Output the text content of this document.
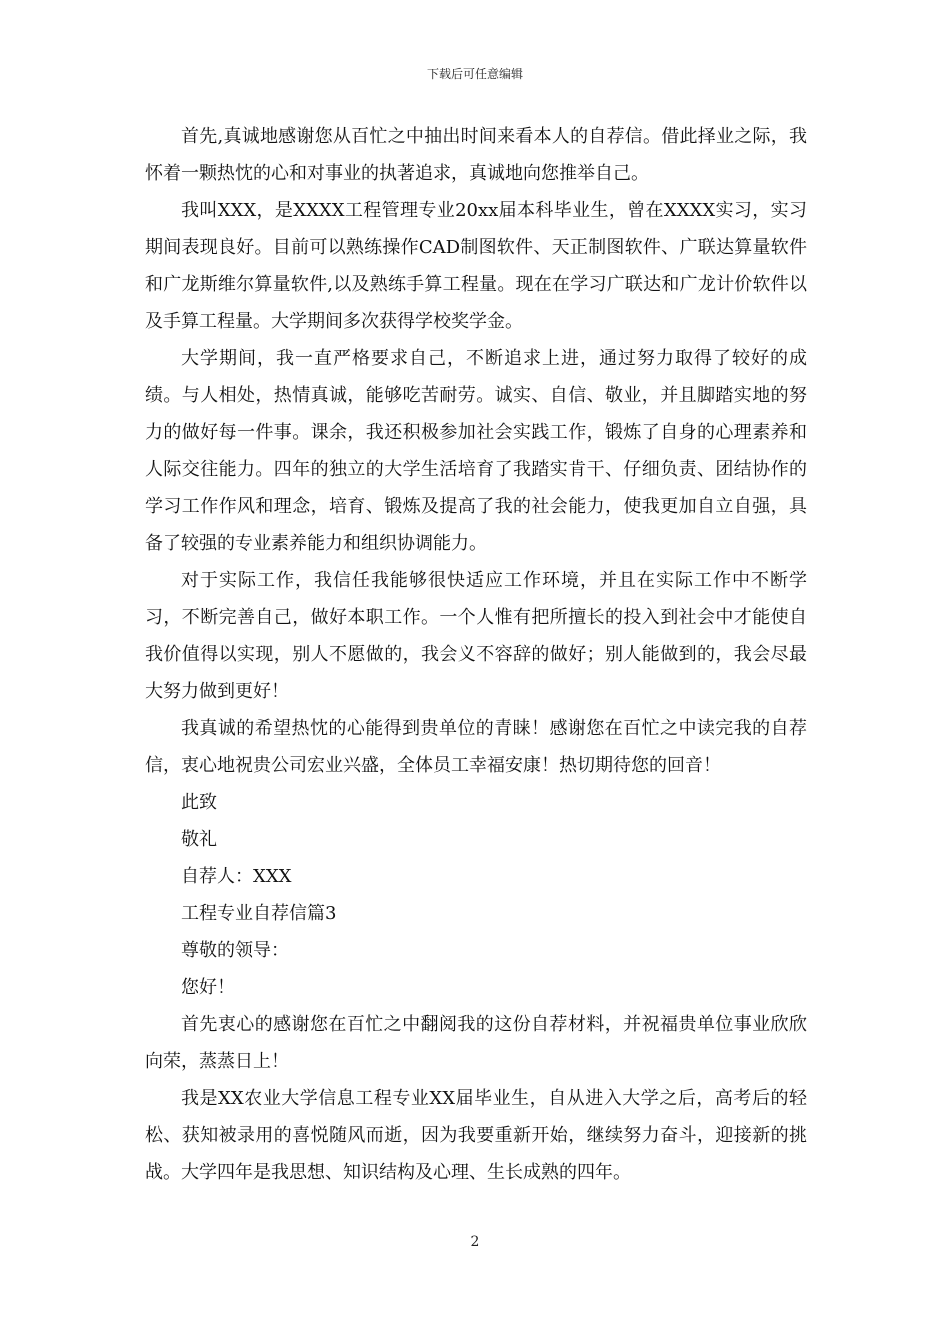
下载后可任意编辑

首先,真诚地感谢您从百忙之中抽出时间来看本人的自荐信。借此择业之际，我怀着一颗热忱的心和对事业的执著追求，真诚地向您推举自己。

我叫XXX，是XXXX工程管理专业20xx届本科毕业生，曾在XXXX实习，实习期间表现良好。目前可以熟练操作CAD制图软件、天正制图软件、广联达算量软件和广龙斯维尔算量软件,以及熟练手算工程量。现在在学习广联达和广龙计价软件以及手算工程量。大学期间多次获得学校奖学金。

大学期间，我一直严格要求自己，不断追求上进，通过努力取得了较好的成绩。与人相处，热情真诚，能够吃苦耐劳。诚实、自信、敬业，并且脚踏实地的努力的做好每一件事。课余，我还积极参加社会实践工作，锻炼了自身的心理素养和人际交往能力。四年的独立的大学生活培育了我踏实肯干、仔细负责、团结协作的学习工作作风和理念，培育、锻炼及提高了我的社会能力，使我更加自立自强，具备了较强的专业素养能力和组织协调能力。

对于实际工作，我信任我能够很快适应工作环境，并且在实际工作中不断学习，不断完善自己，做好本职工作。一个人惟有把所擅长的投入到社会中才能使自我价值得以实现，别人不愿做的，我会义不容辞的做好；别人能做到的，我会尽最大努力做到更好！

我真诚的希望热忱的心能得到贵单位的青睐！感谢您在百忙之中读完我的自荐信，衷心地祝贵公司宏业兴盛，全体员工幸福安康！热切期待您的回音！

此致

敬礼

自荐人：XXX

工程专业自荐信篇3

尊敬的领导：

您好！

首先衷心的感谢您在百忙之中翻阅我的这份自荐材料，并祝福贵单位事业欣欣向荣，蒸蒸日上！

我是XX农业大学信息工程专业XX届毕业生，自从进入大学之后，高考后的轻松、获知被录用的喜悦随风而逝，因为我要重新开始，继续努力奋斗，迎接新的挑战。大学四年是我思想、知识结构及心理、生长成熟的四年。

2
